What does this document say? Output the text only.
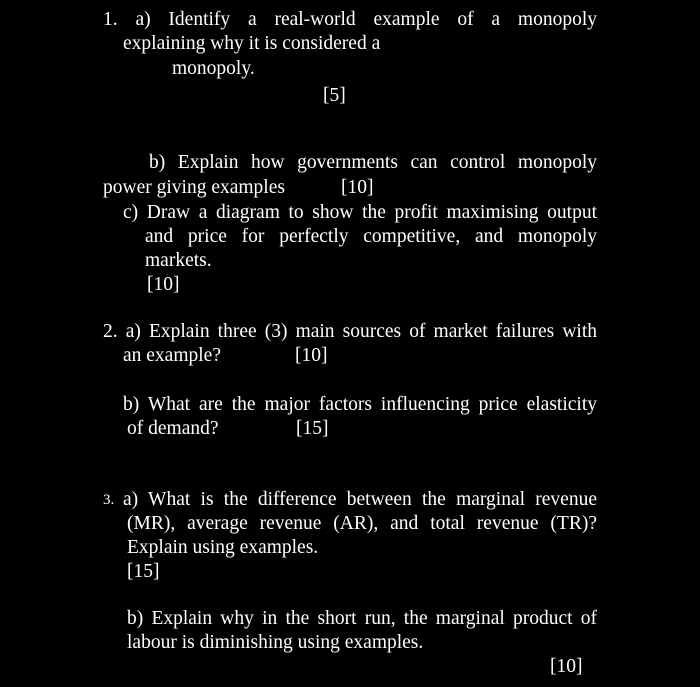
1. a) Identify a real-world example of a monopoly
explaining why it is considered a
monopoly.
[5]
b) Explain how governments can control monopoly
power giving examples	[10]
c) Draw a diagram to show the profit maximising output
and price for perfectly competitive, and monopoly
markets.
[10]
2. a) Explain three (3) main sources of market failures with
an example?	[10]
b) What are the major factors influencing price elasticity
of demand?	[15]
3. a) What is the difference between the marginal revenue
(MR), average revenue (AR), and total revenue (TR)?
Explain using examples.
[15]
b) Explain why in the short run, the marginal product of
labour is diminishing using examples.
[10]
